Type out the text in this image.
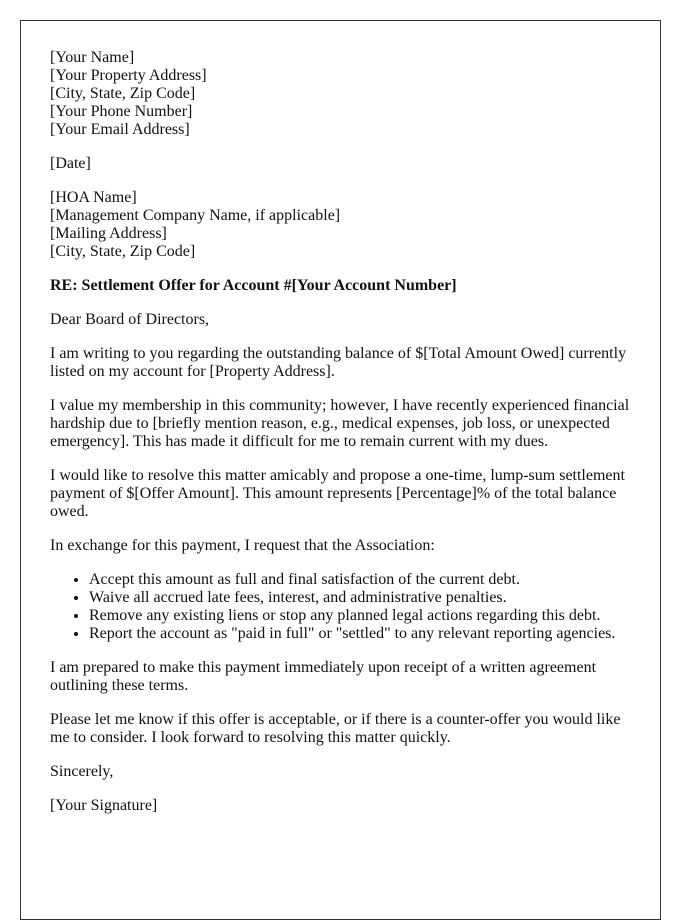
[Your Name]
[Your Property Address]
[City, State, Zip Code]
[Your Phone Number]
[Your Email Address]

[Date]

[HOA Name]
[Management Company Name, if applicable]
[Mailing Address]
[City, State, Zip Code]

RE: Settlement Offer for Account #[Your Account Number]

Dear Board of Directors,

I am writing to you regarding the outstanding balance of $[Total Amount Owed] currently listed on my account for [Property Address].

I value my membership in this community; however, I have recently experienced financial hardship due to [briefly mention reason, e.g., medical expenses, job loss, or unexpected emergency]. This has made it difficult for me to remain current with my dues.

I would like to resolve this matter amicably and propose a one-time, lump-sum settlement payment of $[Offer Amount]. This amount represents [Percentage]% of the total balance owed.

In exchange for this payment, I request that the Association:

• Accept this amount as full and final satisfaction of the current debt.
• Waive all accrued late fees, interest, and administrative penalties.
• Remove any existing liens or stop any planned legal actions regarding this debt.
• Report the account as "paid in full" or "settled" to any relevant reporting agencies.

I am prepared to make this payment immediately upon receipt of a written agreement outlining these terms.

Please let me know if this offer is acceptable, or if there is a counter-offer you would like me to consider. I look forward to resolving this matter quickly.

Sincerely,

[Your Signature]
